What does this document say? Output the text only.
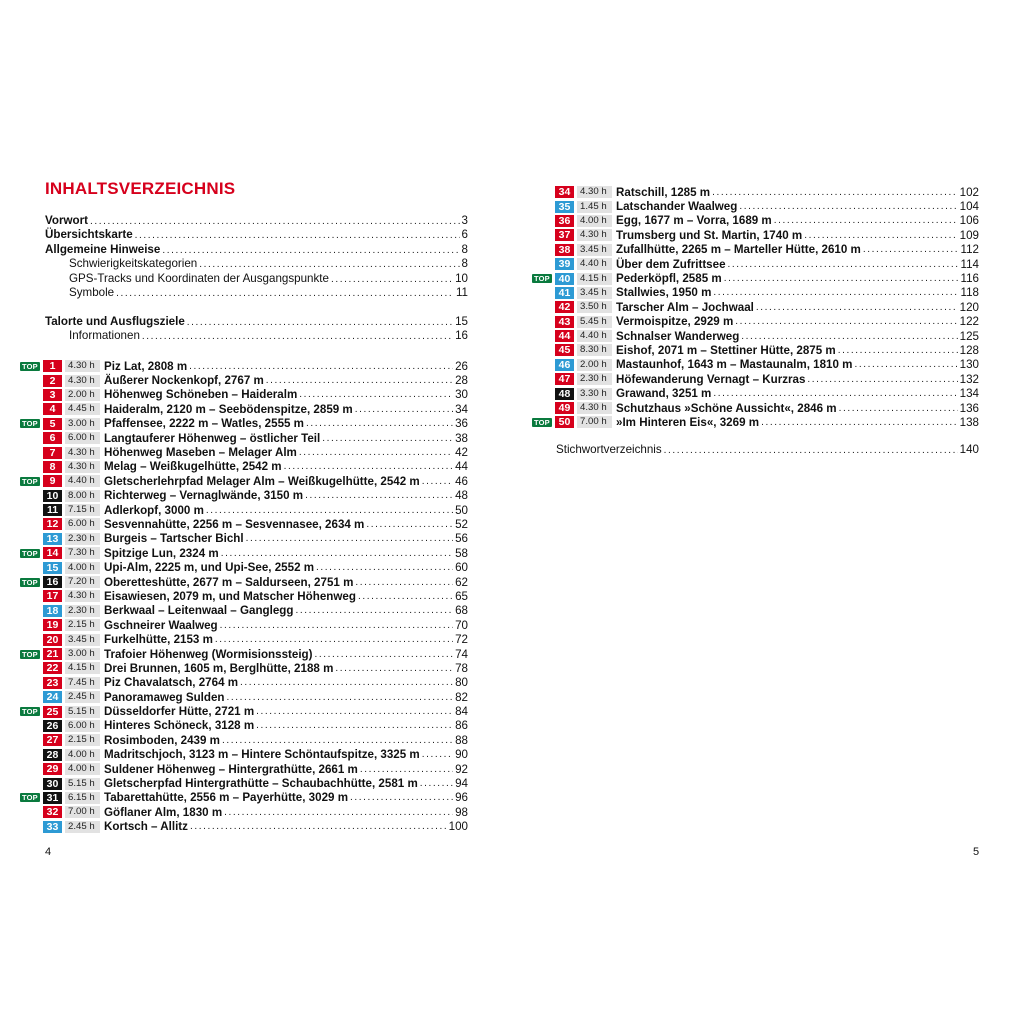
INHALTSVERZEICHNIS
Vorwort .....	3
Übersichtskarte .....	6
Allgemeine Hinweise .....	8
Schwierigkeitskategorien .....	8
GPS-Tracks und Koordinaten der Ausgangspunkte .....	10
Symbole .....	11
Talorte und Ausflugsziele .....	15
Informationen .....	16
TOP	1	4.30 h Piz Lat, 2808 m .....	26
2	4.30 h Äußerer Nockenkopf, 2767 m .....	28
3	2.00 h Höhenweg Schöneben – Haideralm .....	30
4	4.45 h Haideralm, 2120 m – Seebödenspitze, 2859 m .....	34
TOP	5	3.00 h Pfaffensee, 2222 m – Watles, 2555 m .....	36
6	6.00 h Langtauferer Höhenweg – östlicher Teil .....	38
7	4.30 h Höhenweg Maseben – Melager Alm .....	42
8	4.30 h Melag – Weißkugelhütte, 2542 m .....	44
TOP	9	4.40 h Gletscherlehrpfad Melager Alm – Weißkugelhütte, 2542 m .....	46
10	8.00 h Richterweg – Vernaglwände, 3150 m .....	48
11	7.15 h Adlerkopf, 3000 m .....	50
12	6.00 h Sesvennahütte, 2256 m – Sesvennasee, 2634 m .....	52
13	2.30 h Burgeis – Tartscher Bichl .....	56
TOP 14	7.30 h Spitzige Lun, 2324 m .....	58
15	4.00 h Upi-Alm, 2225 m, und Upi-See, 2552 m .....	60
TOP 16	7.20 h Oberetteshütte, 2677 m – Saldurseen, 2751 m .....	62
17	4.30 h Eisawiesen, 2079 m, und Matscher Höhenweg .....	65
18	2.30 h Berkwaal – Leitenwaal – Ganglegg .....	68
19	2.15 h Gschneirer Waalweg .....	70
20	3.45 h Furkelhütte, 2153 m .....	72
TOP 21	3.00 h Trafoier Höhenweg (Wormisionssteig) .....	74
22	4.15 h Drei Brunnen, 1605 m, Berglhütte, 2188 m .....	78
23	7.45 h Piz Chavalatsch, 2764 m .....	80
24	2.45 h Panoramaweg Sulden .....	82
TOP 25	5.15 h Düsseldorfer Hütte, 2721 m .....	84
26	6.00 h Hinteres Schöneck, 3128 m .....	86
27	2.15 h Rosimboden, 2439 m .....	88
28	4.00 h Madritschjoch, 3123 m – Hintere Schöntaufspitze, 3325 m .....	90
29	4.00 h Suldener Höhenweg – Hintergrathütte, 2661 m .....	92
30	5.15 h Gletscherpfad Hintergrathütte – Schaubachhütte, 2581 m .....	94
TOP 31	6.15 h Tabarettahütte, 2556 m – Payerhütte, 3029 m .....	96
32	7.00 h Göflaner Alm, 1830 m .....	98
33	2.45 h Kortsch – Allitz .....	100
4
34	4.30 h Ratschill, 1285 m .....	102
35	1.45 h Latschander Waalweg .....	104
36	4.00 h Egg, 1677 m – Vorra, 1689 m .....	106
37	4.30 h Trumsberg und St. Martin, 1740 m .....	109
38	3.45 h Zufallhütte, 2265 m – Marteller Hütte, 2610 m .....	112
39	4.40 h Über dem Zufrittsee .....	114
TOP 40	4.15 h Pederköpfl, 2585 m .....	116
41	3.45 h Stallwies, 1950 m .....	118
42	3.50 h Tarscher Alm – Jochwaal .....	120
43	5.45 h Vermoispitze, 2929 m .....	122
44	4.40 h Schnalser Wanderweg .....	125
45	8.30 h Eishof, 2071 m – Stettiner Hütte, 2875 m .....	128
46	2.00 h Mastaunhof, 1643 m – Mastaunalm, 1810 m .....	130
47	2.30 h Höfewanderung Vernagt – Kurzras .....	132
48	3.30 h Grawand, 3251 m .....	134
49	4.30 h Schutzhaus »Schöne Aussicht«, 2846 m .....	136
TOP 50	7.00 h »Im Hinteren Eis«, 3269 m .....	138
Stichwortverzeichnis .....	140
5
